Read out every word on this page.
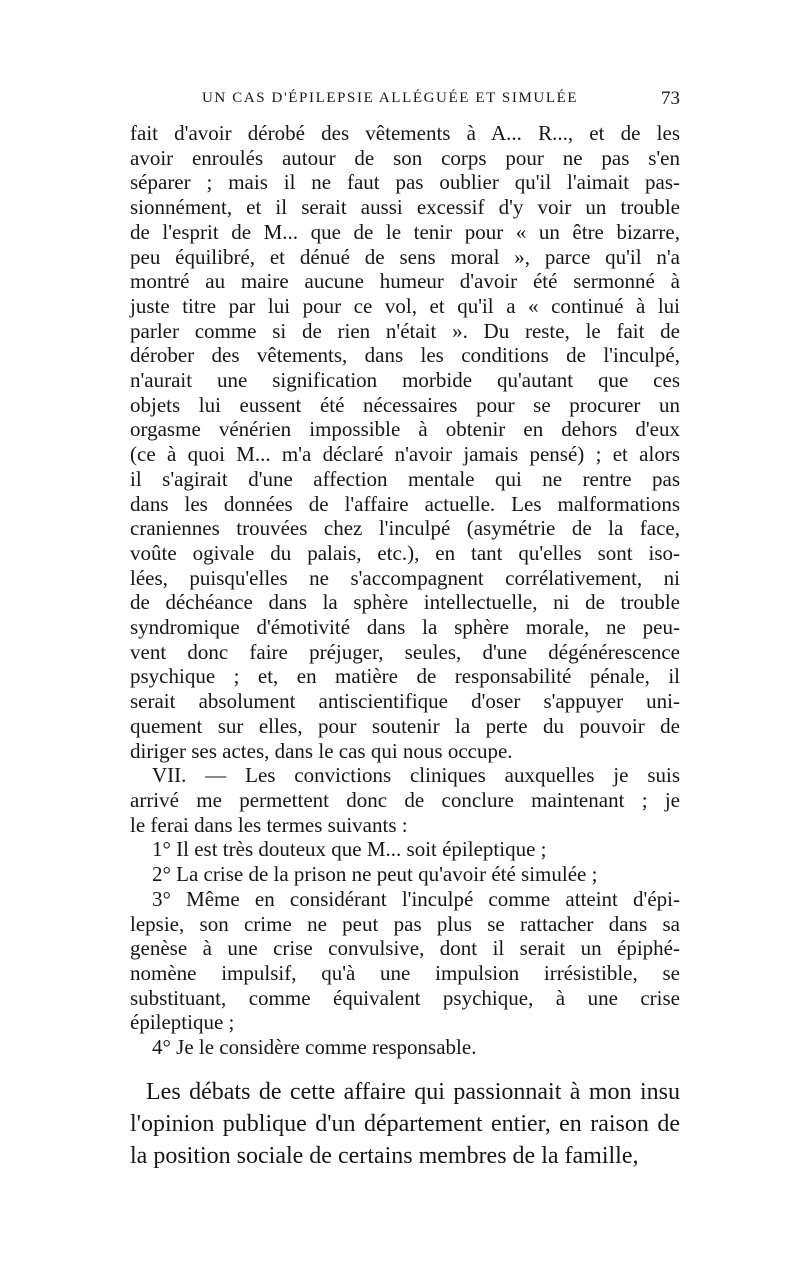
UN CAS D'ÉPILEPSIE ALLÉGUÉE ET SIMULÉE	73
fait d'avoir dérobé des vêtements à A... R..., et de les
avoir enroulés autour de son corps pour ne pas s'en
séparer ; mais il ne faut pas oublier qu'il l'aimait pas-
sionnément, et il serait aussi excessif d'y voir un trouble
de l'esprit de M... que de le tenir pour « un être bizarre,
peu équilibré, et dénué de sens moral », parce qu'il n'a
montré au maire aucune humeur d'avoir été sermonné à
juste titre par lui pour ce vol, et qu'il a « continué à lui
parler comme si de rien n'était ». Du reste, le fait de
dérober des vêtements, dans les conditions de l'inculpé,
n'aurait une signification morbide qu'autant que ces
objets lui eussent été nécessaires pour se procurer un
orgasme vénérien impossible à obtenir en dehors d'eux
(ce à quoi M... m'a déclaré n'avoir jamais pensé) ; et alors
il s'agirait d'une affection mentale qui ne rentre pas
dans les données de l'affaire actuelle. Les malformations
craniennes trouvées chez l'inculpé (asymétrie de la face,
voûte ogivale du palais, etc.), en tant qu'elles sont iso-
lées, puisqu'elles ne s'accompagnent corrélativement, ni
de déchéance dans la sphère intellectuelle, ni de trouble
syndromique d'émotivité dans la sphère morale, ne peu-
vent donc faire préjuger, seules, d'une dégénérescence
psychique ; et, en matière de responsabilité pénale, il
serait absolument antiscientifique d'oser s'appuyer uni-
quement sur elles, pour soutenir la perte du pouvoir de
diriger ses actes, dans le cas qui nous occupe.
VII. — Les convictions cliniques auxquelles je suis
arrivé me permettent donc de conclure maintenant ; je
le ferai dans les termes suivants :
1° Il est très douteux que M... soit épileptique ;
2° La crise de la prison ne peut qu'avoir été simulée ;
3° Même en considérant l'inculpé comme atteint d'épi-
lepsie, son crime ne peut pas plus se rattacher dans sa
genèse à une crise convulsive, dont il serait un épiphé-
nomène impulsif, qu'à une impulsion irrésistible, se
substituant, comme équivalent psychique, à une crise
épileptique ;
4° Je le considère comme responsable.
Les débats de cette affaire qui passionnait à mon insu
l'opinion publique d'un département entier, en raison de
la position sociale de certains membres de la famille,
